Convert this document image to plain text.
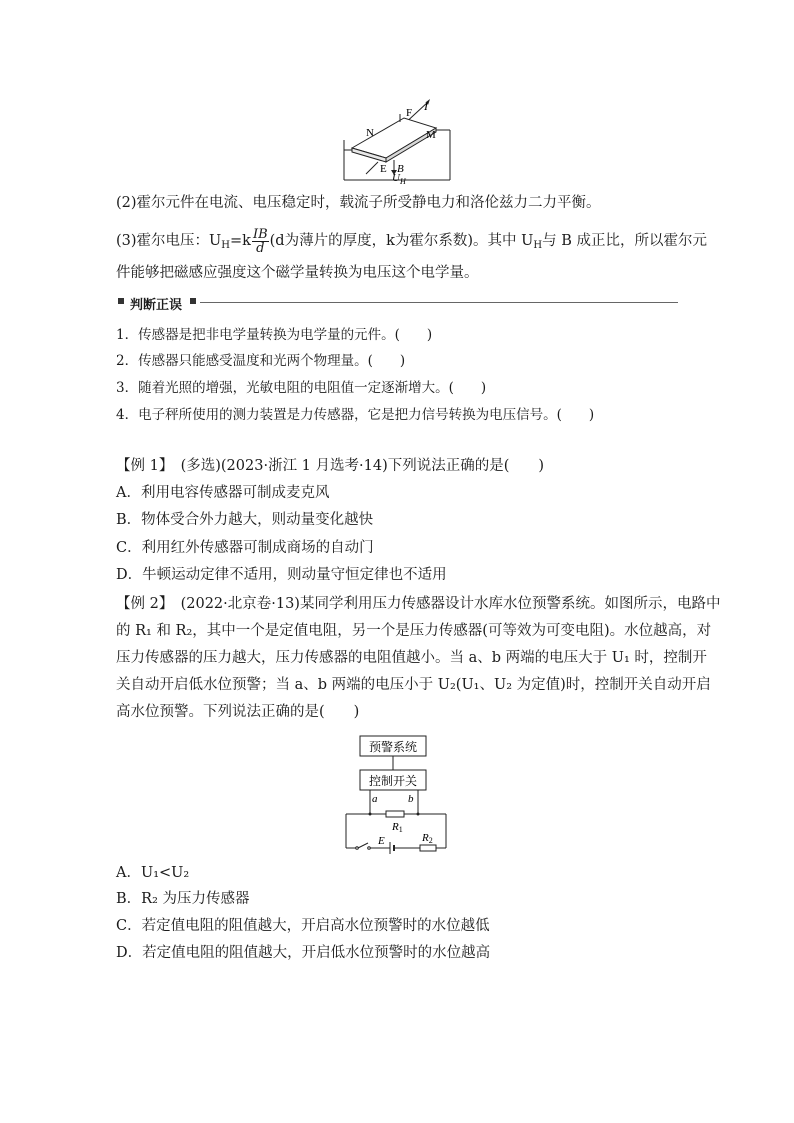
I
F
N	M
E B
$U_H$
(2)霍尔元件在电流、电压稳定时，载流子所受静电力和洛伦兹力二力平衡。
(3)霍尔电压：$U_H=k \frac{IB}{d} (d$为薄片的厚度，k为霍尔系数)。其中 $U_H$与 B 成正比，所以霍尔元
件能够把磁感应强度这个磁学量转换为电压这个电学量。
判断正误
1．传感器是把非电学量转换为电学量的元件。(　　)
2．传感器只能感受温度和光两个物理量。(　　)
3．随着光照的增强，光敏电阻的电阻值一定逐渐增大。(　　)
4．电子秤所使用的测力装置是力传感器，它是把力信号转换为电压信号。(　　)
【例 1】　(多选)(2023·浙江 1 月选考·14)下列说法正确的是(　　)
A．利用电容传感器可制成麦克风
B．物体受合外力越大，则动量变化越快
C．利用红外传感器可制成商场的自动门
D．牛顿运动定律不适用，则动量守恒定律也不适用
【例 2】　(2022·北京卷·13)某同学利用压力传感器设计水库水位预警系统。如图所示，电路中
的 R₁ 和 R₂，其中一个是定值电阻，另一个是压力传感器(可等效为可变电阻)。水位越高，对
压力传感器的压力越大，压力传感器的电阻值越小。当 a、b 两端的电压大于 U₁ 时，控制开
关自动开启低水位预警；当 a、b 两端的电压小于 U₂(U₁、U₂ 为定值)时，控制开关自动开启
高水位预警。下列说法正确的是(　　)
预警系统
控制开关
a	b
R1
E	R2
A．U₁<U₂
B．R₂ 为压力传感器
C．若定值电阻的阻值越大，开启高水位预警时的水位越低
D．若定值电阻的阻值越大，开启低水位预警时的水位越高
